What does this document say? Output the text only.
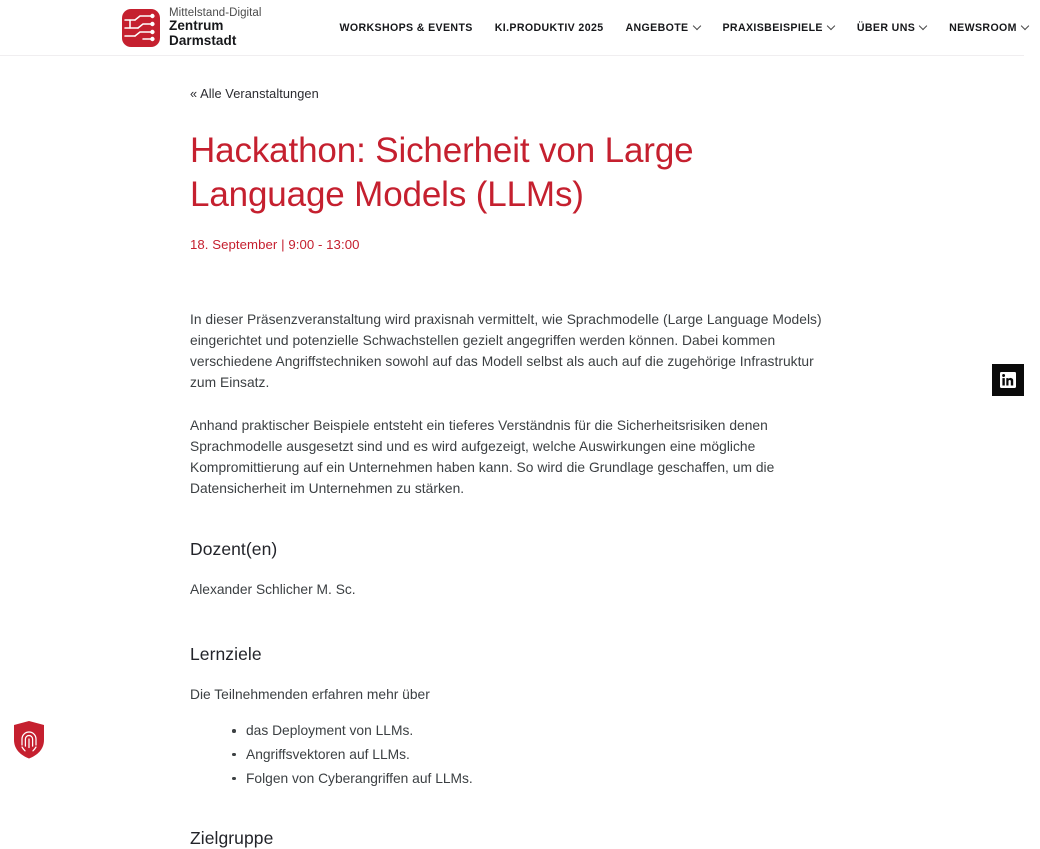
Mittelstand-Digital
Zentrum
Darmstadt
WORKSHOPS & EVENTS KI.PRODUKTIV 2025 ANGEBOTE	PRAXISBEISPIELE	ÜBER UNS	NEWSROOM
« Alle Veranstaltungen
Hackathon: Sicherheit von Large Language Models (LLMs)
18. September | 9:00 - 13:00

In dieser Präsenzveranstaltung wird praxisnah vermittelt, wie Sprachmodelle (Large Language Models) eingerichtet und potenzielle Schwachstellen gezielt angegriffen werden können. Dabei kommen verschiedene Angriffstechniken sowohl auf das Modell selbst als auch auf die zugehörige Infrastruktur zum Einsatz.

Anhand praktischer Beispiele entsteht ein tieferes Verständnis für die Sicherheitsrisiken denen Sprachmodelle ausgesetzt sind und es wird aufgezeigt, welche Auswirkungen eine mögliche Kompromittierung auf ein Unternehmen haben kann. So wird die Grundlage geschaffen, um die Datensicherheit im Unternehmen zu stärken.

Dozent(en)

Alexander Schlicher M. Sc.

Lernziele

Die Teilnehmenden erfahren mehr über

das Deployment von LLMs.
Angriffsvektoren auf LLMs.
Folgen von Cyberangriffen auf LLMs.
Zielgruppe
